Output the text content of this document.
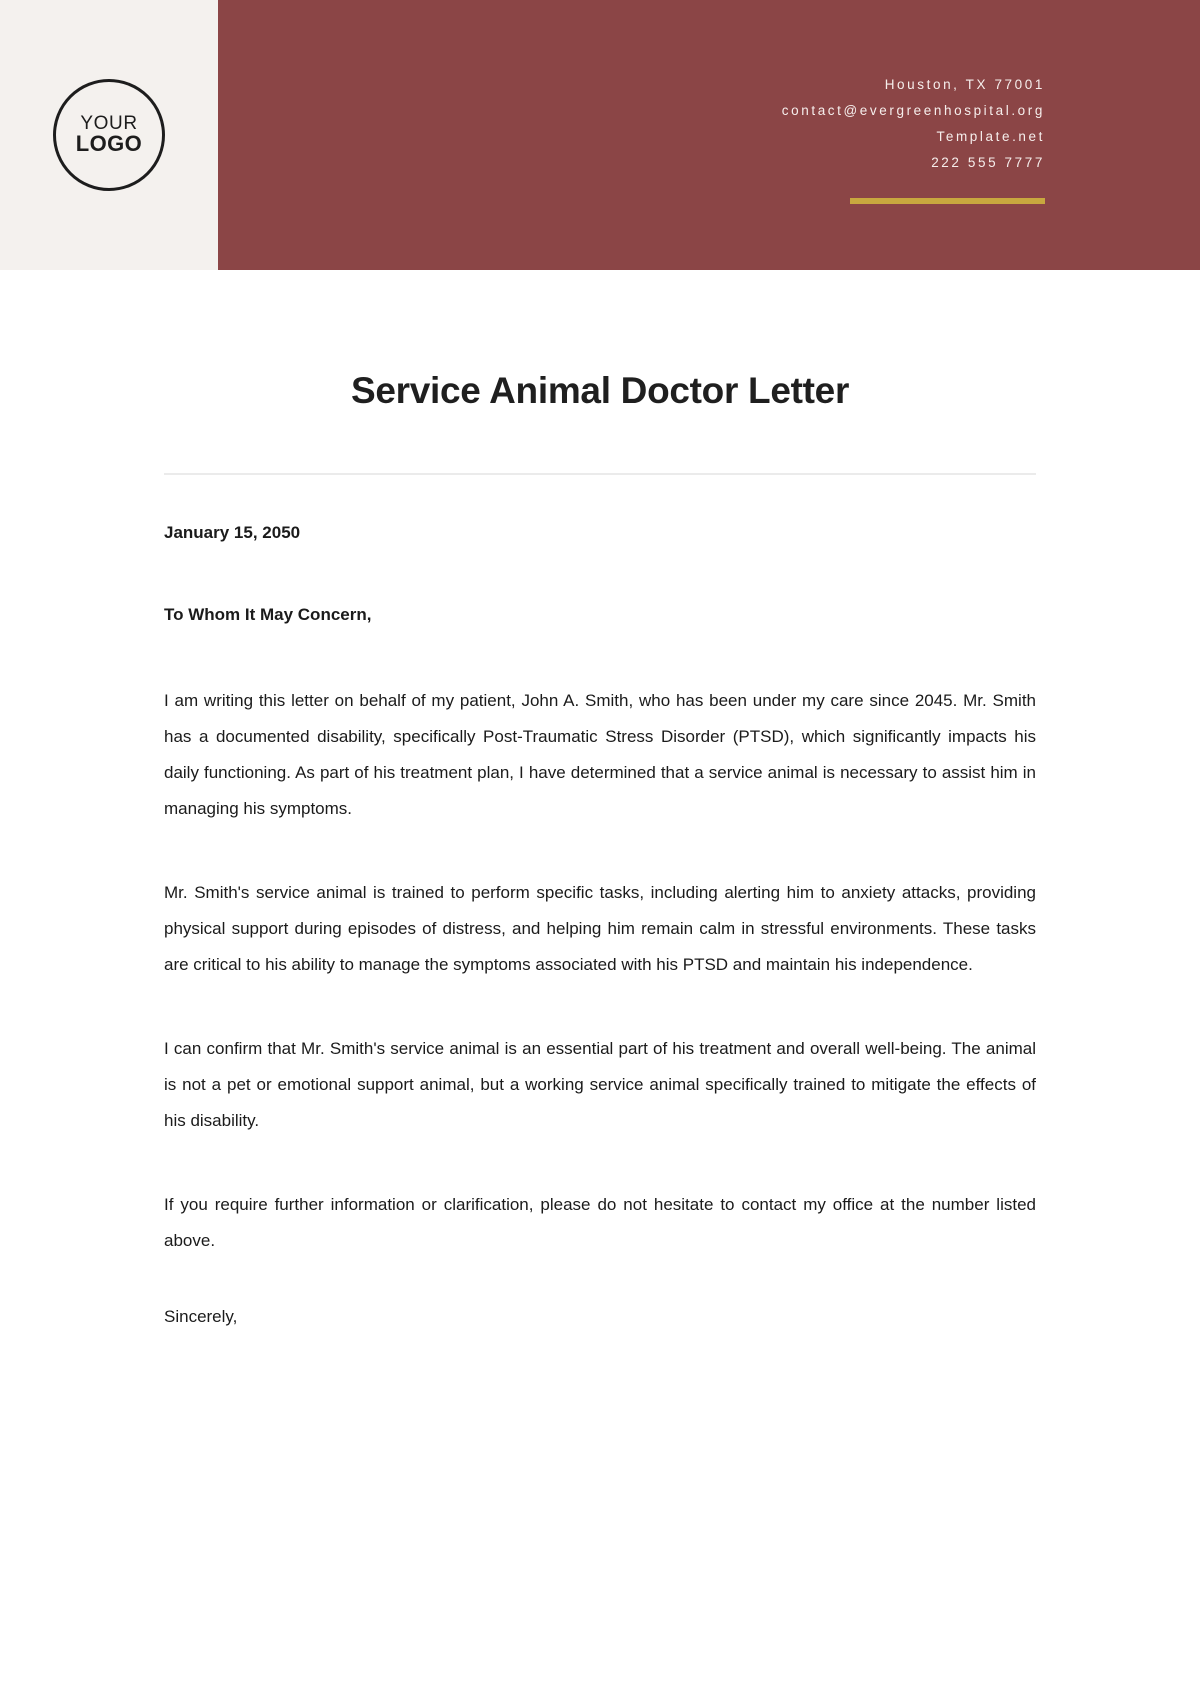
YOUR
LOGO
Houston, TX 77001
contact@evergreenhospital.org
Template.net
222 555 7777
Service Animal Doctor Letter
January 15, 2050
To Whom It May Concern,

I am writing this letter on behalf of my patient, John A. Smith, who has been under my care since 2045. Mr. Smith has a documented disability, specifically Post-Traumatic Stress Disorder (PTSD), which significantly impacts his daily functioning. As part of his treatment plan, I have determined that a service animal is necessary to assist him in managing his symptoms.

Mr. Smith's service animal is trained to perform specific tasks, including alerting him to anxiety attacks, providing physical support during episodes of distress, and helping him remain calm in stressful environments. These tasks are critical to his ability to manage the symptoms associated with his PTSD and maintain his independence.

I can confirm that Mr. Smith's service animal is an essential part of his treatment and overall well-being. The animal is not a pet or emotional support animal, but a working service animal specifically trained to mitigate the effects of his disability.

If you require further information or clarification, please do not hesitate to contact my office at the number listed above.

Sincerely,
